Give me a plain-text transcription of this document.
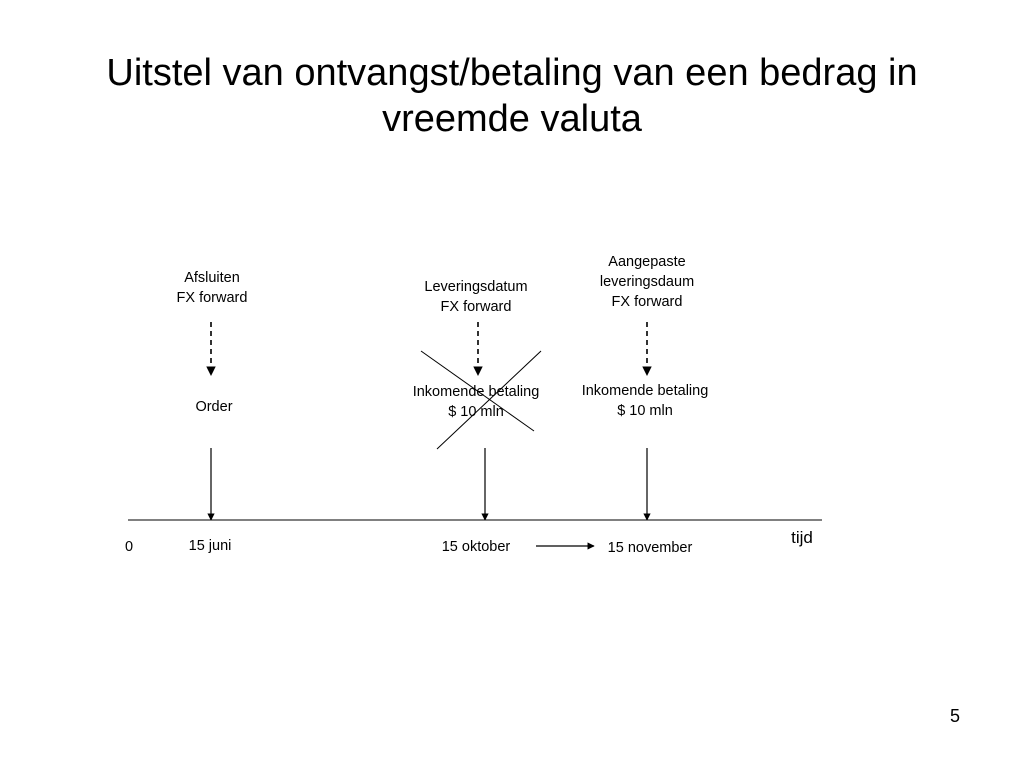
Uitstel van ontvangst/betaling van een bedrag in
vreemde valuta
Afsluiten
FX forward
Leveringsdatum
FX forward
Aangepaste
leveringsdaum
FX forward
Order
Inkomende betaling
$ 10 mln
Inkomende betaling
$ 10 mln
0	15 juni	15 oktober	15 november
tijd
5
